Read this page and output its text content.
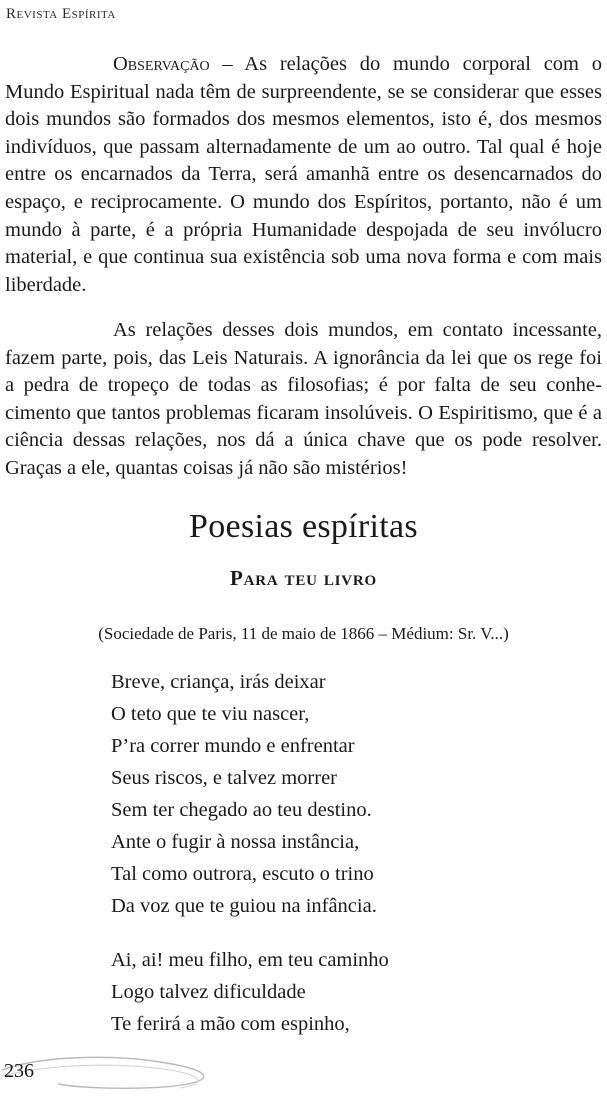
Revista Espírita

Observação – As relações do mundo corporal com o Mundo Espiritual nada têm de surpreendente, se se considerar que esses dois mundos são formados dos mesmos elementos, isto é, dos mesmos indivíduos, que passam alternadamente de um ao outro. Tal qual é hoje entre os encarnados da Terra, será amanhã entre os desencarnados do espaço, e reciprocamente. O mundo dos Espíritos, portanto, não é um mundo à parte, é a própria Humanidade despojada de seu invólucro material, e que continua sua existência sob uma nova forma e com mais liberdade.

As relações desses dois mundos, em contato incessante, fazem parte, pois, das Leis Naturais. A ignorância da lei que os rege foi a pedra de tropeço de todas as filosofias; é por falta de seu conhecimento que tantos problemas ficaram insolúveis. O Espiritismo, que é a ciência dessas relações, nos dá a única chave que os pode resolver. Graças a ele, quantas coisas já não são mistérios!

Poesias espíritas
Para teu livro

(Sociedade de Paris, 11 de maio de 1866 – Médium: Sr. V...)

Breve, criança, irás deixar
O teto que te viu nascer,
P’ra correr mundo e enfrentar
Seus riscos, e talvez morrer
Sem ter chegado ao teu destino.
Ante o fugir à nossa instância,
Tal como outrora, escuto o trino
Da voz que te guiou na infância.
Ai, ai! meu filho, em teu caminho
Logo talvez dificuldade
Te ferirá a mão com espinho,
236
